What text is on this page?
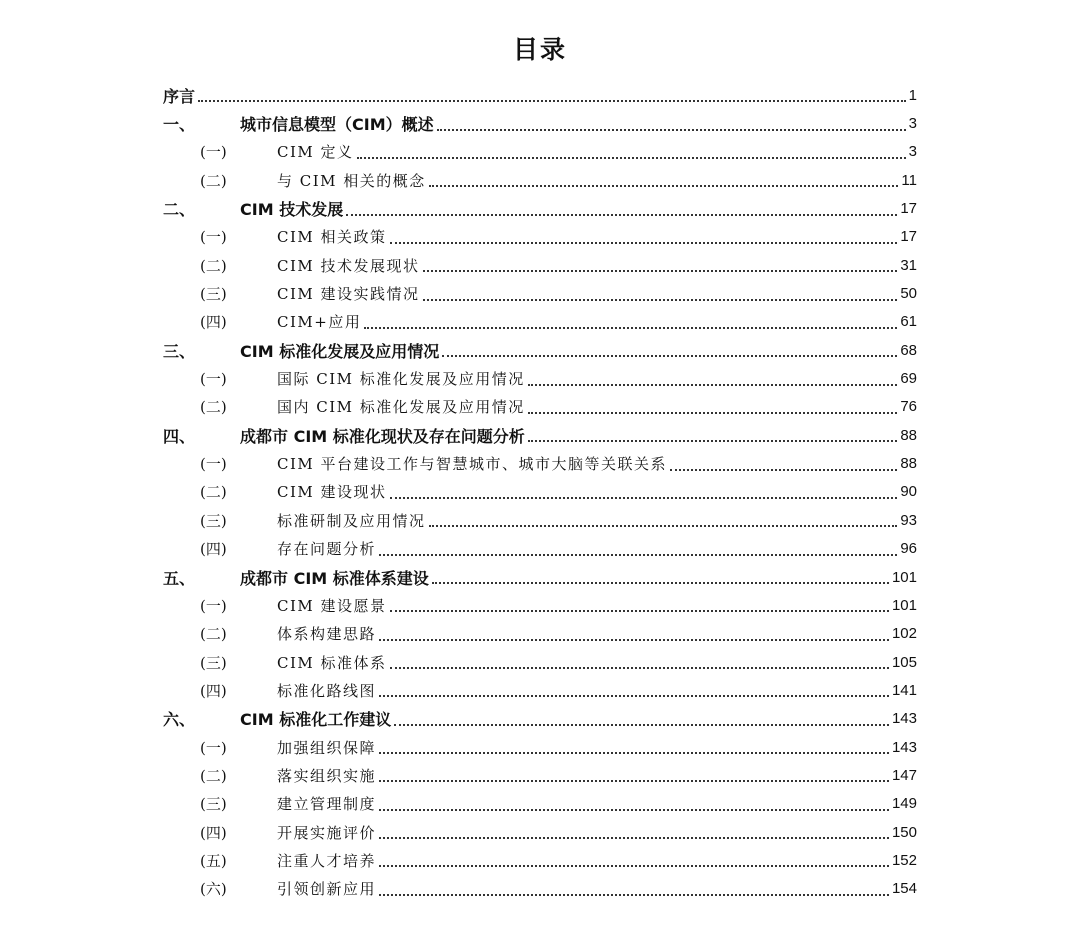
目录
序言	1
一、	城市信息模型（CIM）概述	3
(一)	CIM 定义	3
(二)	与 CIM 相关的概念	11
二、	CIM 技术发展	17
(一)	CIM 相关政策	17
(二)	CIM 技术发展现状	31
(三)	CIM 建设实践情况	50
(四)	CIM+应用	61
三、	CIM 标准化发展及应用情况	68
(一)	国际 CIM 标准化发展及应用情况	69
(二)	国内 CIM 标准化发展及应用情况	76
四、	成都市 CIM 标准化现状及存在问题分析	88
(一)	CIM 平台建设工作与智慧城市、城市大脑等关联关系	88
(二)	CIM 建设现状	90
(三)	标准研制及应用情况	93
(四)	存在问题分析	96
五、	成都市 CIM 标准体系建设	101
(一)	CIM 建设愿景	101
(二)	体系构建思路	102
(三)	CIM 标准体系	105
(四)	标准化路线图	141
六、	CIM 标准化工作建议	143
(一)	加强组织保障	143
(二)	落实组织实施	147
(三)	建立管理制度	149
(四)	开展实施评价	150
(五)	注重人才培养	152
(六)	引领创新应用	154
